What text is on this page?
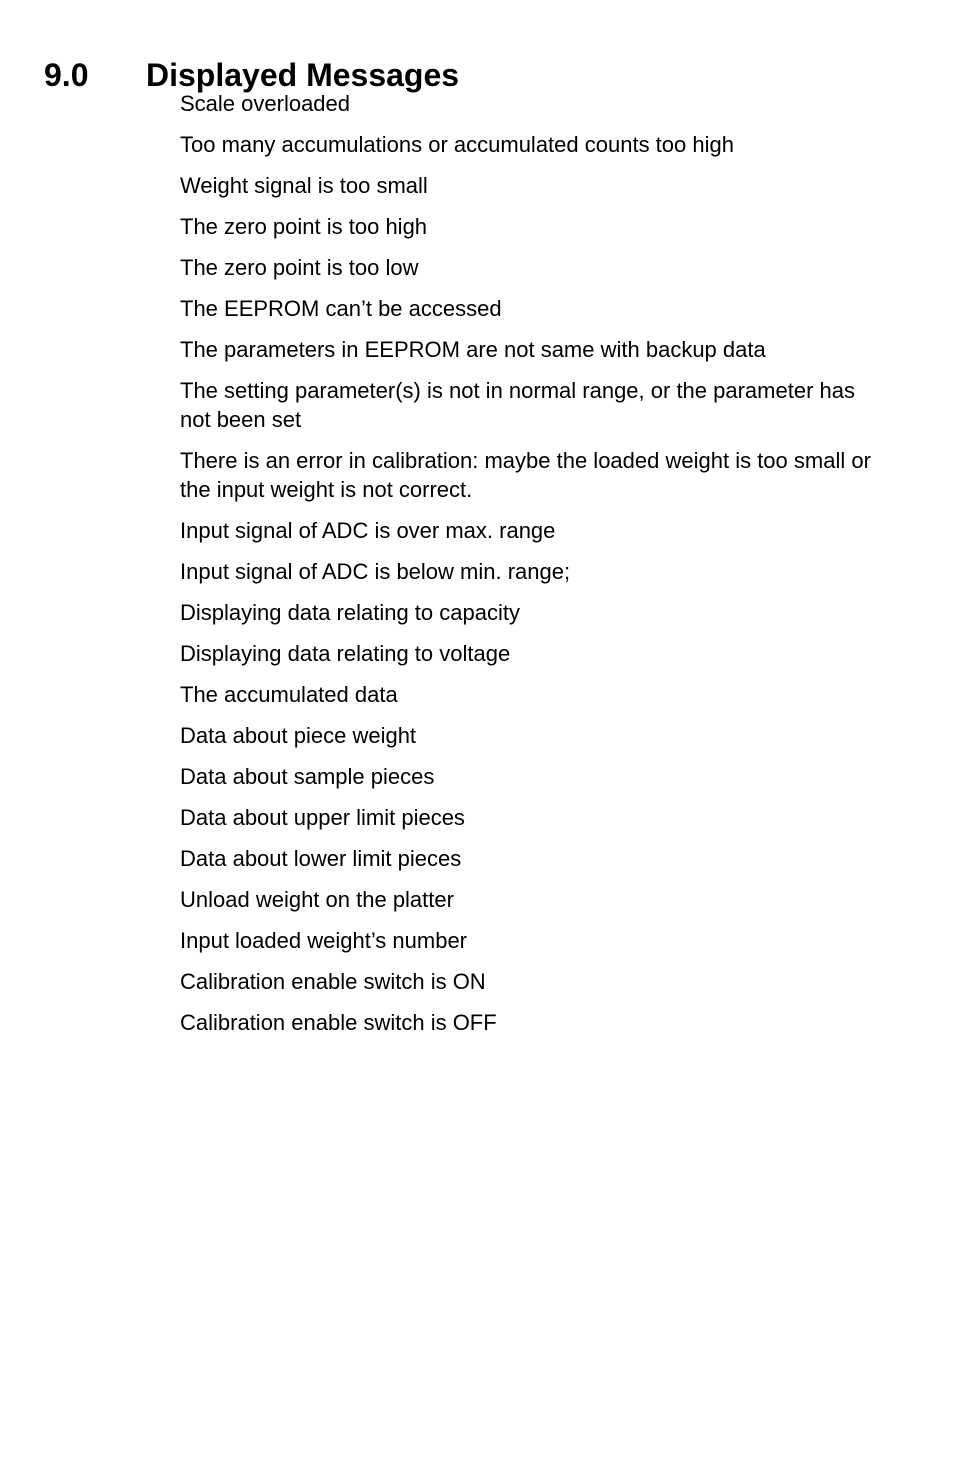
9.0 Displayed Messages
Scale overloaded
Too many accumulations or accumulated counts too high
Weight signal is too small
The zero point is too high
The zero point is too low
The EEPROM can’t be accessed
The parameters in EEPROM are not same with backup data
The setting parameter(s) is not in normal range, or the parameter has not been set
There is an error in calibration: maybe the loaded weight is too small or the input weight is not correct.
Input signal of ADC is over max. range
Input signal of ADC is below min. range;
Displaying data relating to capacity
Displaying data relating to voltage
The accumulated data
Data about piece weight
Data about sample pieces
Data about upper limit pieces
Data about lower limit pieces
Unload weight on the platter
Input loaded weight’s number
Calibration enable switch is ON
Calibration enable switch is OFF
